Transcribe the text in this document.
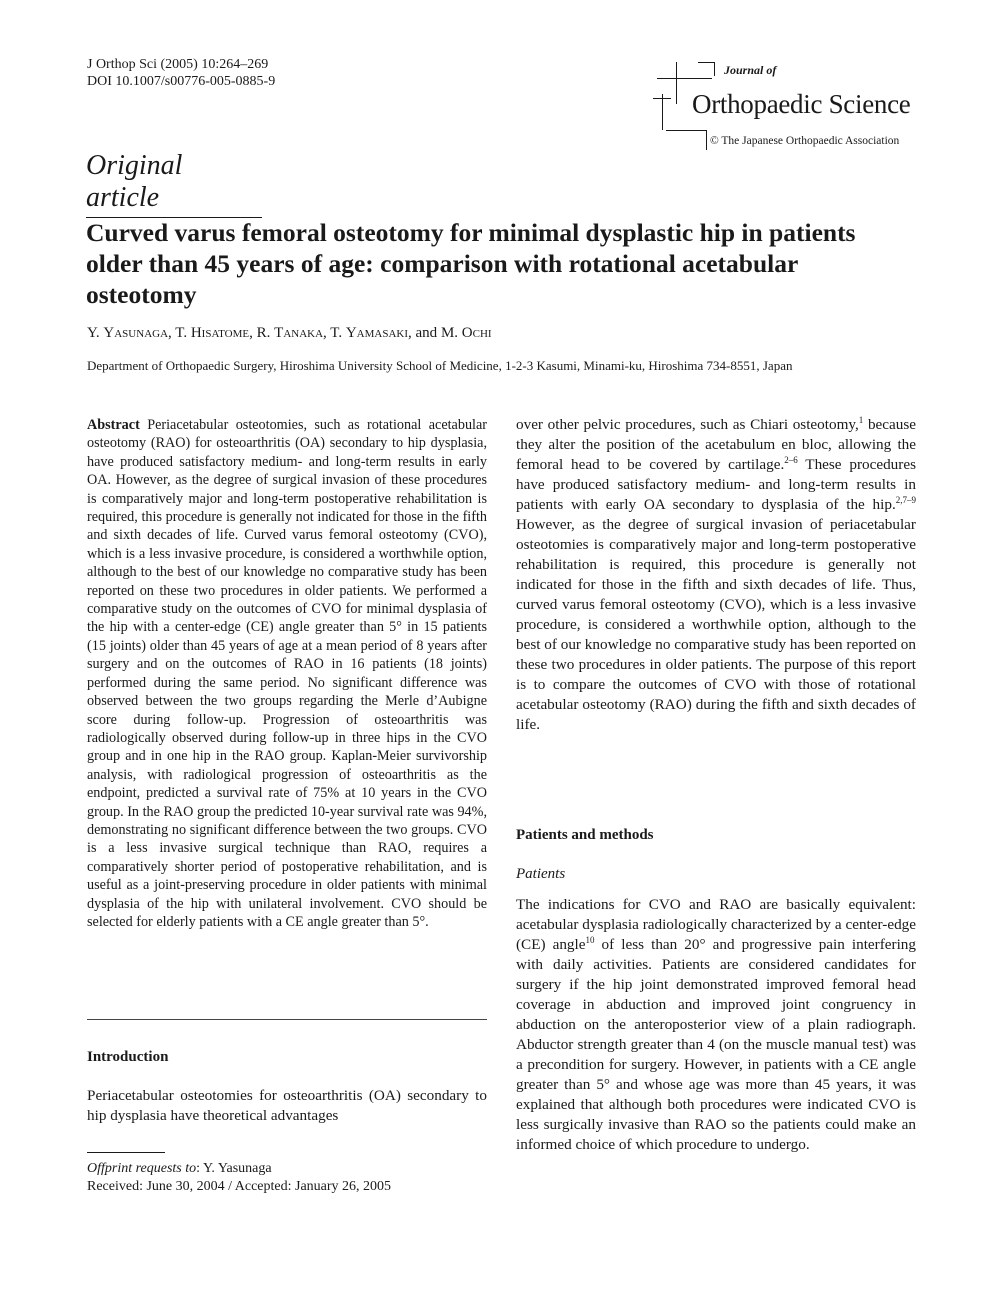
J Orthop Sci (2005) 10:264–269
DOI 10.1007/s00776-005-0885-9
Journal of
Orthopaedic Science
© The Japanese Orthopaedic Association
Original article
Curved varus femoral osteotomy for minimal dysplastic hip in patients older than 45 years of age: comparison with rotational acetabular osteotomy
Y. Yasunaga, T. Hisatome, R. Tanaka, T. Yamasaki, and M. Ochi
Department of Orthopaedic Surgery, Hiroshima University School of Medicine, 1-2-3 Kasumi, Minami-ku, Hiroshima 734-8551, Japan
Abstract Periacetabular osteotomies, such as rotational acetabular osteotomy (RAO) for osteoarthritis (OA) secondary to hip dysplasia, have produced satisfactory medium- and long-term results in early OA. However, as the degree of surgical invasion of these procedures is comparatively major and long-term postoperative rehabilitation is required, this procedure is generally not indicated for those in the fifth and sixth decades of life. Curved varus femoral osteotomy (CVO), which is a less invasive procedure, is considered a worthwhile option, although to the best of our knowledge no comparative study has been reported on these two procedures in older patients. We performed a comparative study on the outcomes of CVO for minimal dysplasia of the hip with a center-edge (CE) angle greater than 5° in 15 patients (15 joints) older than 45 years of age at a mean period of 8 years after surgery and on the outcomes of RAO in 16 patients (18 joints) performed during the same period. No significant difference was observed between the two groups regarding the Merle d’Aubigne score during follow-up. Progression of osteoarthritis was radiologically observed during follow-up in three hips in the CVO group and in one hip in the RAO group. Kaplan-Meier survivorship analysis, with radiological progression of osteoarthritis as the endpoint, predicted a survival rate of 75% at 10 years in the CVO group. In the RAO group the predicted 10-year survival rate was 94%, demonstrating no significant difference between the two groups. CVO is a less invasive surgical technique than RAO, requires a comparatively shorter period of postoperative rehabilitation, and is useful as a joint-preserving procedure in older patients with minimal dysplasia of the hip with unilateral involvement. CVO should be selected for elderly patients with a CE angle greater than 5°.
Introduction
Periacetabular osteotomies for osteoarthritis (OA) secondary to hip dysplasia have theoretical advantages
Offprint requests to: Y. Yasunaga
Received: June 30, 2004 / Accepted: January 26, 2005
over other pelvic procedures, such as Chiari osteotomy,$^1$ because they alter the position of the acetabulum en bloc, allowing the femoral head to be covered by cartilage.$^{2-6}$ These procedures have produced satisfactory medium- and long-term results in patients with early OA secondary to dysplasia of the hip.$^{2,7-9}$ However, as the degree of surgical invasion of periacetabular osteotomies is comparatively major and long-term postoperative rehabilitation is required, this procedure is generally not indicated for those in the fifth and sixth decades of life. Thus, curved varus femoral osteotomy (CVO), which is a less invasive procedure, is considered a worthwhile option, although to the best of our knowledge no comparative study has been reported on these two procedures in older patients. The purpose of this report is to compare the outcomes of CVO with those of rotational acetabular osteotomy (RAO) during the fifth and sixth decades of life.
Patients and methods
Patients
The indications for CVO and RAO are basically equivalent: acetabular dysplasia radiologically characterized by a center-edge (CE) angle$^{10}$ of less than 20° and progressive pain interfering with daily activities. Patients are considered candidates for surgery if the hip joint demonstrated improved femoral head coverage in abduction and improved joint congruency in abduction on the anteroposterior view of a plain radiograph. Abductor strength greater than 4 (on the muscle manual test) was a precondition for surgery. However, in patients with a CE angle greater than 5° and whose age was more than 45 years, it was explained that although both procedures were indicated CVO is less surgically invasive than RAO so the patients could make an informed choice of which procedure to undergo.
